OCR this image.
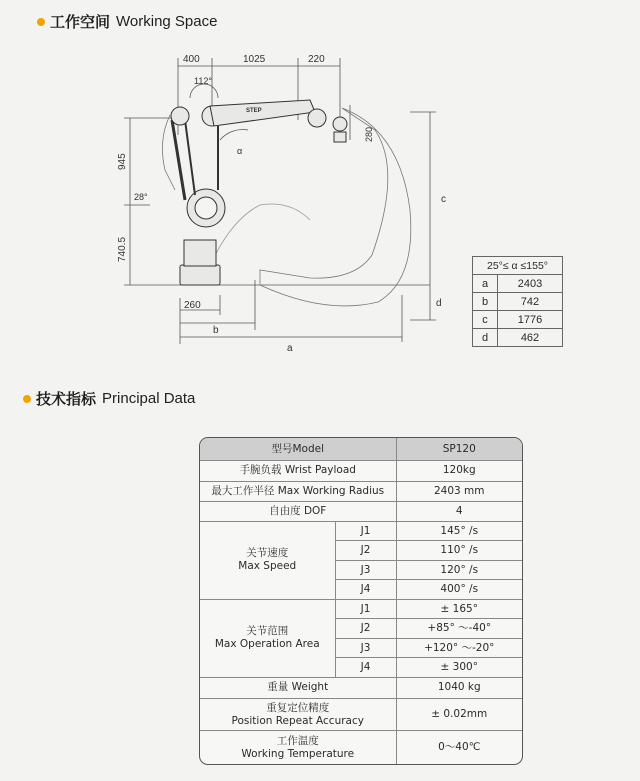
工作空间 Working Space
STEP
400	1025	220
112°
α
28°
280
945
740.5
c
d
260
b
a
25°≤ α ≤155°	
a	2403
b	742
c	1776
d	462
技术指标 Principal Data
型号Model		SP120
手腕负载 Wrist Payload		120kg
最大工作半径 Max Working Radius		2403 mm
自由度 DOF		4

关节速度
Max Speed	J1	145° /s
	J2	110° /s
	J3	120° /s
	J4	400° /s

关节范围
Max Operation Area	J1	± 165°
	J2	+85° ～-40°
	J3	+120° ～-20°
	J4	± 300°
重量 Weight		1040 kg

重复定位精度
Position Repeat Accuracy		± 0.02mm

工作温度
Working Temperature		0～40℃
